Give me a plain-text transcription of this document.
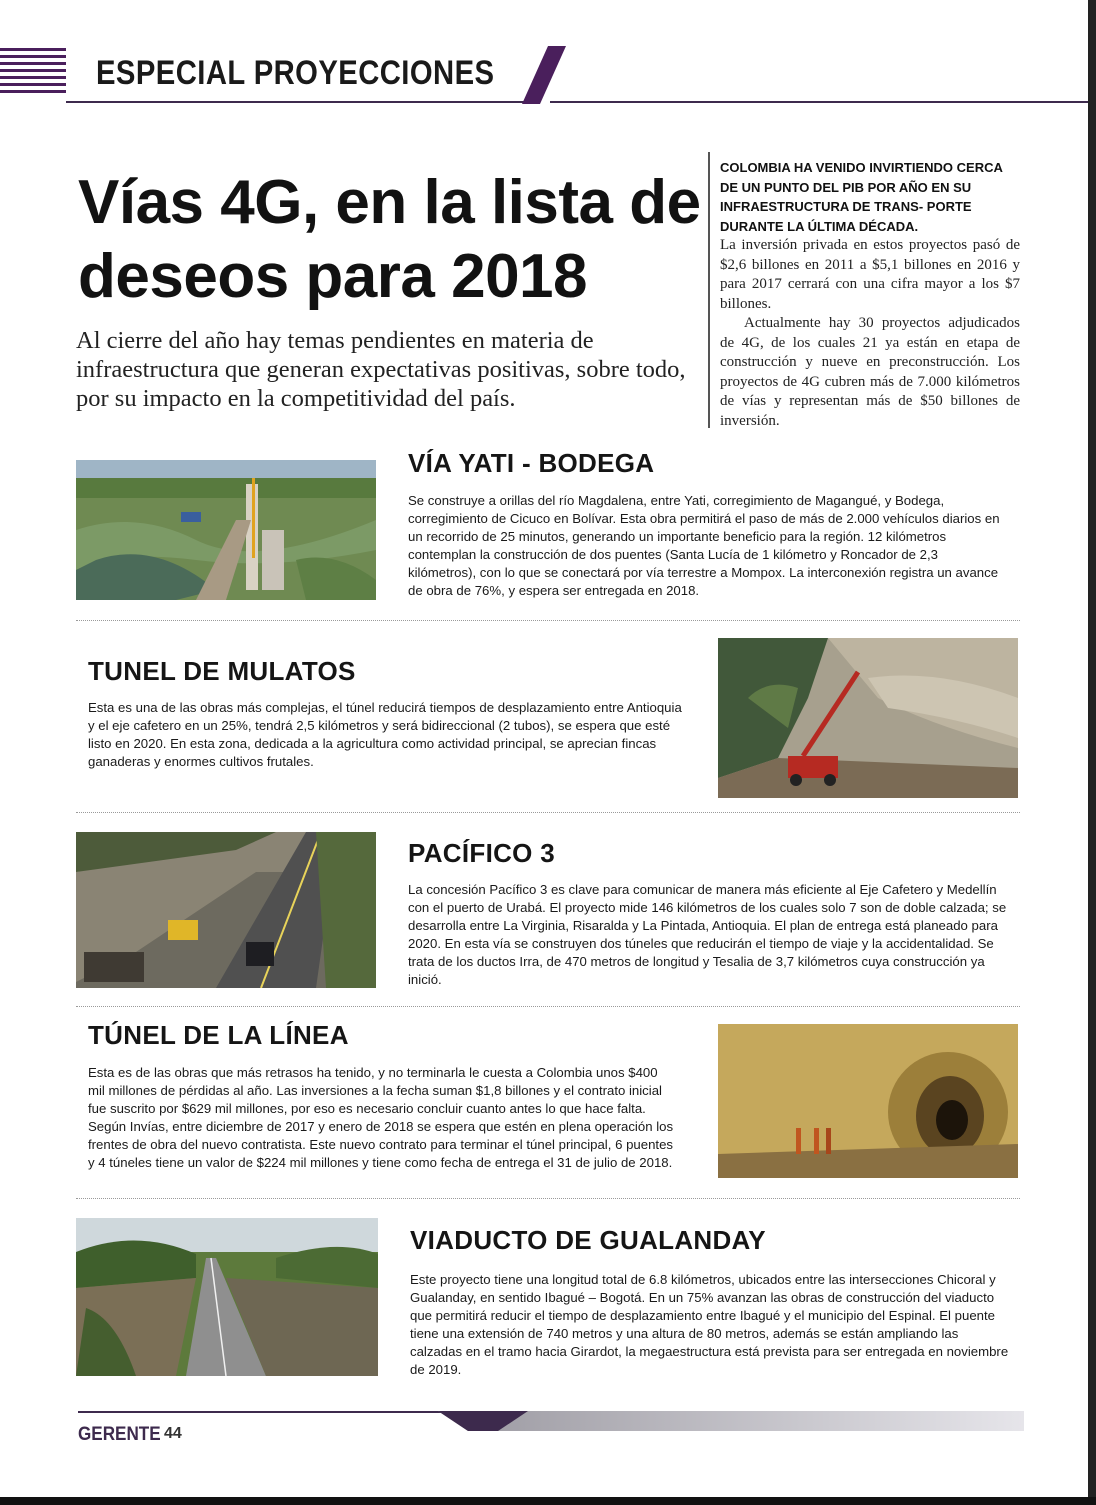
ESPECIAL PROYECCIONES
Vías 4G, en la lista de deseos para 2018
Al cierre del año hay temas pendientes en materia de infraestructura que generan expectativas positivas, sobre todo, por su impacto en la competitividad del país.
COLOMBIA HA VENIDO INVIRTIENDO CERCA DE UN PUNTO DEL PIB POR AÑO EN SU INFRAESTRUCTURA DE TRANS- PORTE DURANTE LA ÚLTIMA DÉCADA.
La inversión privada en estos proyectos pasó de $2,6 billones en 2011 a $5,1 billones en 2016 y para 2017 cerrará con una cifra mayor a los $7 billones.
Actualmente hay 30 proyectos adjudicados de 4G, de los cuales 21 ya están en etapa de construcción y nueve en preconstrucción. Los proyectos de 4G cubren más de 7.000 kilómetros de vías y representan más de $50 billones de inversión.
VÍA YATI - BODEGA
Se construye a orillas del río Magdalena, entre Yati, corregimiento de Magangué, y Bodega, corregimiento de Cicuco en Bolívar. Esta obra permitirá el paso de más de 2.000 vehículos diarios en un recorrido de 25 minutos, generando un importante beneficio para la región. 12 kilómetros contemplan la construcción de dos puentes (Santa Lucía de 1 kilómetro y Roncador de 2,3 kilómetros), con lo que se conectará por vía terrestre a Mompox. La interconexión registra un avance de obra de 76%, y espera ser entregada en 2018.
TUNEL DE MULATOS
Esta es una de las obras más complejas, el túnel reducirá tiempos de desplazamiento entre Antioquia y el eje cafetero en un 25%, tendrá 2,5 kilómetros y será bidireccional (2 tubos), se espera que esté listo en 2020. En esta zona, dedicada a la agricultura como actividad principal, se aprecian fincas ganaderas y enormes cultivos frutales.
PACÍFICO 3
La concesión Pacífico 3 es clave para comunicar de manera más eficiente al Eje Cafetero y Medellín con el puerto de Urabá. El proyecto mide 146 kilómetros de los cuales solo 7 son de doble calzada; se desarrolla entre La Virginia, Risaralda y La Pintada, Antioquia. El plan de entrega está planeado para 2020. En esta vía se construyen dos túneles que reducirán el tiempo de viaje y la accidentalidad. Se trata de los ductos Irra, de 470 metros de longitud y Tesalia de 3,7 kilómetros cuya construcción ya inició.
TÚNEL DE LA LÍNEA
Esta es de las obras que más retrasos ha tenido, y no terminarla le cuesta a Colombia unos $400 mil millones de pérdidas al año. Las inversiones a la fecha suman $1,8 billones y el contrato inicial fue suscrito por $629 mil millones, por eso es necesario concluir cuanto antes lo que hace falta. Según Invías, entre diciembre de 2017 y enero de 2018 se espera que estén en plena operación los frentes de obra del nuevo contratista. Este nuevo contrato para terminar el túnel principal, 6 puentes y 4 túneles tiene un valor de $224 mil millones y tiene como fecha de entrega el 31 de julio de 2018.
VIADUCTO DE GUALANDAY
Este proyecto tiene una longitud total de 6.8 kilómetros, ubicados entre las intersecciones Chicoral y Gualanday, en sentido Ibagué – Bogotá. En un 75% avanzan las obras de construcción del viaducto que permitirá reducir el tiempo de desplazamiento entre Ibagué y el municipio del Espinal. El puente tiene una extensión de 740 metros y una altura de 80 metros, además se están ampliando las calzadas en el tramo hacia Girardot, la megaestructura está prevista para ser entregada en noviembre de 2019.
GERENTE 44
